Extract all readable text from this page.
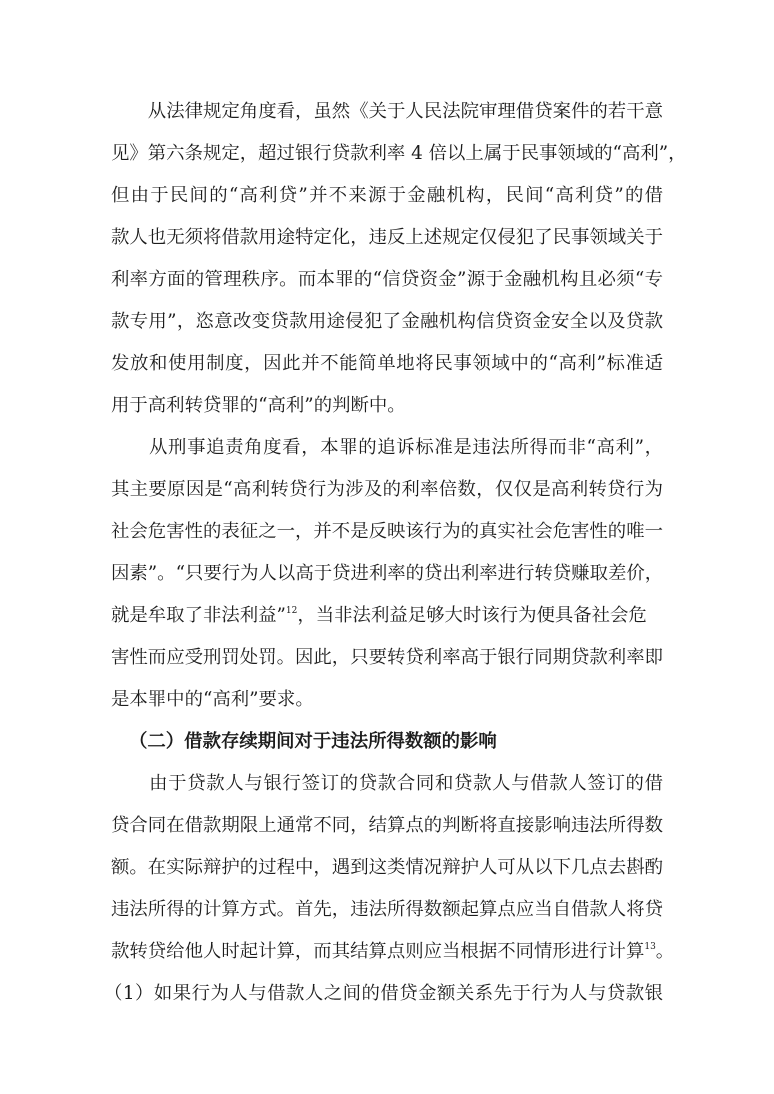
　　从法律规定角度看，虽然《关于人民法院审理借贷案件的若干意
见》第六条规定，超过银行贷款利率 4 倍以上属于民事领域的“高利”，
但由于民间的“高利贷”并不来源于金融机构，民间“高利贷”的借
款人也无须将借款用途特定化，违反上述规定仅侵犯了民事领域关于
利率方面的管理秩序。而本罪的“信贷资金”源于金融机构且必须“专
款专用”，恣意改变贷款用途侵犯了金融机构信贷资金安全以及贷款
发放和使用制度，因此并不能简单地将民事领域中的“高利”标准适
用于高利转贷罪的“高利”的判断中。
　　从刑事追责角度看，本罪的追诉标准是违法所得而非“高利”，
其主要原因是“高利转贷行为涉及的利率倍数，仅仅是高利转贷行为
社会危害性的表征之一，并不是反映该行为的真实社会危害性的唯一
因素”。“只要行为人以高于贷进利率的贷出利率进行转贷赚取差价，
就是牟取了非法利益”$^{12}$，当非法利益足够大时该行为便具备社会危
害性而应受刑罚处罚。因此，只要转贷利率高于银行同期贷款利率即
是本罪中的“高利”要求。
（二）借款存续期间对于违法所得数额的影响
　　由于贷款人与银行签订的贷款合同和贷款人与借款人签订的借
贷合同在借款期限上通常不同，结算点的判断将直接影响违法所得数
额。在实际辩护的过程中，遇到这类情况辩护人可从以下几点去斟酌
违法所得的计算方式。首先，违法所得数额起算点应当自借款人将贷
款转贷给他人时起计算，而其结算点则应当根据不同情形进行计算$^{13}$。
（1）如果行为人与借款人之间的借贷金额关系先于行为人与贷款银
